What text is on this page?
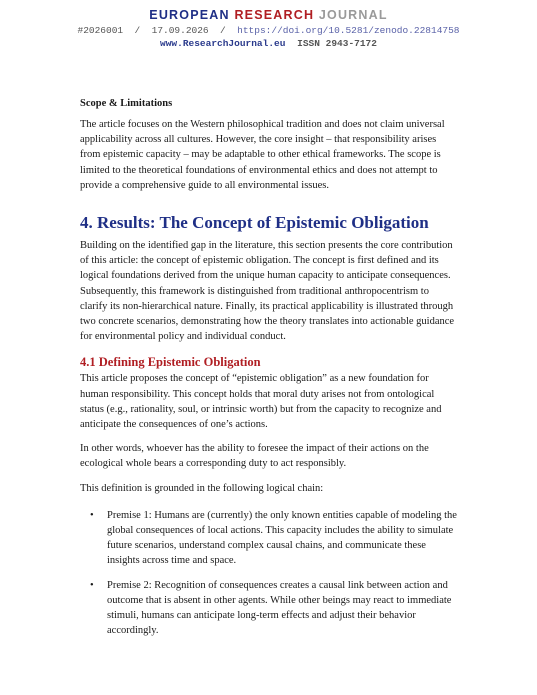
EUROPEAN RESEARCH JOURNAL
#2026001 / 17.09.2026 / https://doi.org/10.5281/zenodo.22814758
www.ResearchJournal.eu ISSN 2943-7172
Scope & Limitations

The article focuses on the Western philosophical tradition and does not claim universal applicability across all cultures. However, the core insight – that responsibility arises from epistemic capacity – may be adaptable to other ethical frameworks. The scope is limited to the theoretical foundations of environmental ethics and does not attempt to provide a comprehensive guide to all environmental issues.

4. Results: The Concept of Epistemic Obligation

Building on the identified gap in the literature, this section presents the core contribution of this article: the concept of epistemic obligation. The concept is first defined and its logical foundations derived from the unique human capacity to anticipate consequences. Subsequently, this framework is distinguished from traditional anthropocentrism to clarify its non-hierarchical nature. Finally, its practical applicability is illustrated through two concrete scenarios, demonstrating how the theory translates into actionable guidance for environmental policy and individual conduct.

4.1 Defining Epistemic Obligation

This article proposes the concept of “epistemic obligation” as a new foundation for human responsibility. This concept holds that moral duty arises not from ontological status (e.g., rationality, soul, or intrinsic worth) but from the capacity to recognize and anticipate the consequences of one’s actions.

In other words, whoever has the ability to foresee the impact of their actions on the ecological whole bears a corresponding duty to act responsibly.

This definition is grounded in the following logical chain:

• Premise 1: Humans are (currently) the only known entities capable of modeling the global consequences of local actions. This capacity includes the ability to simulate future scenarios, understand complex causal chains, and communicate these insights across time and space.
• Premise 2: Recognition of consequences creates a causal link between action and outcome that is absent in other agents. While other beings may react to immediate stimuli, humans can anticipate long-term effects and adjust their behavior accordingly.
